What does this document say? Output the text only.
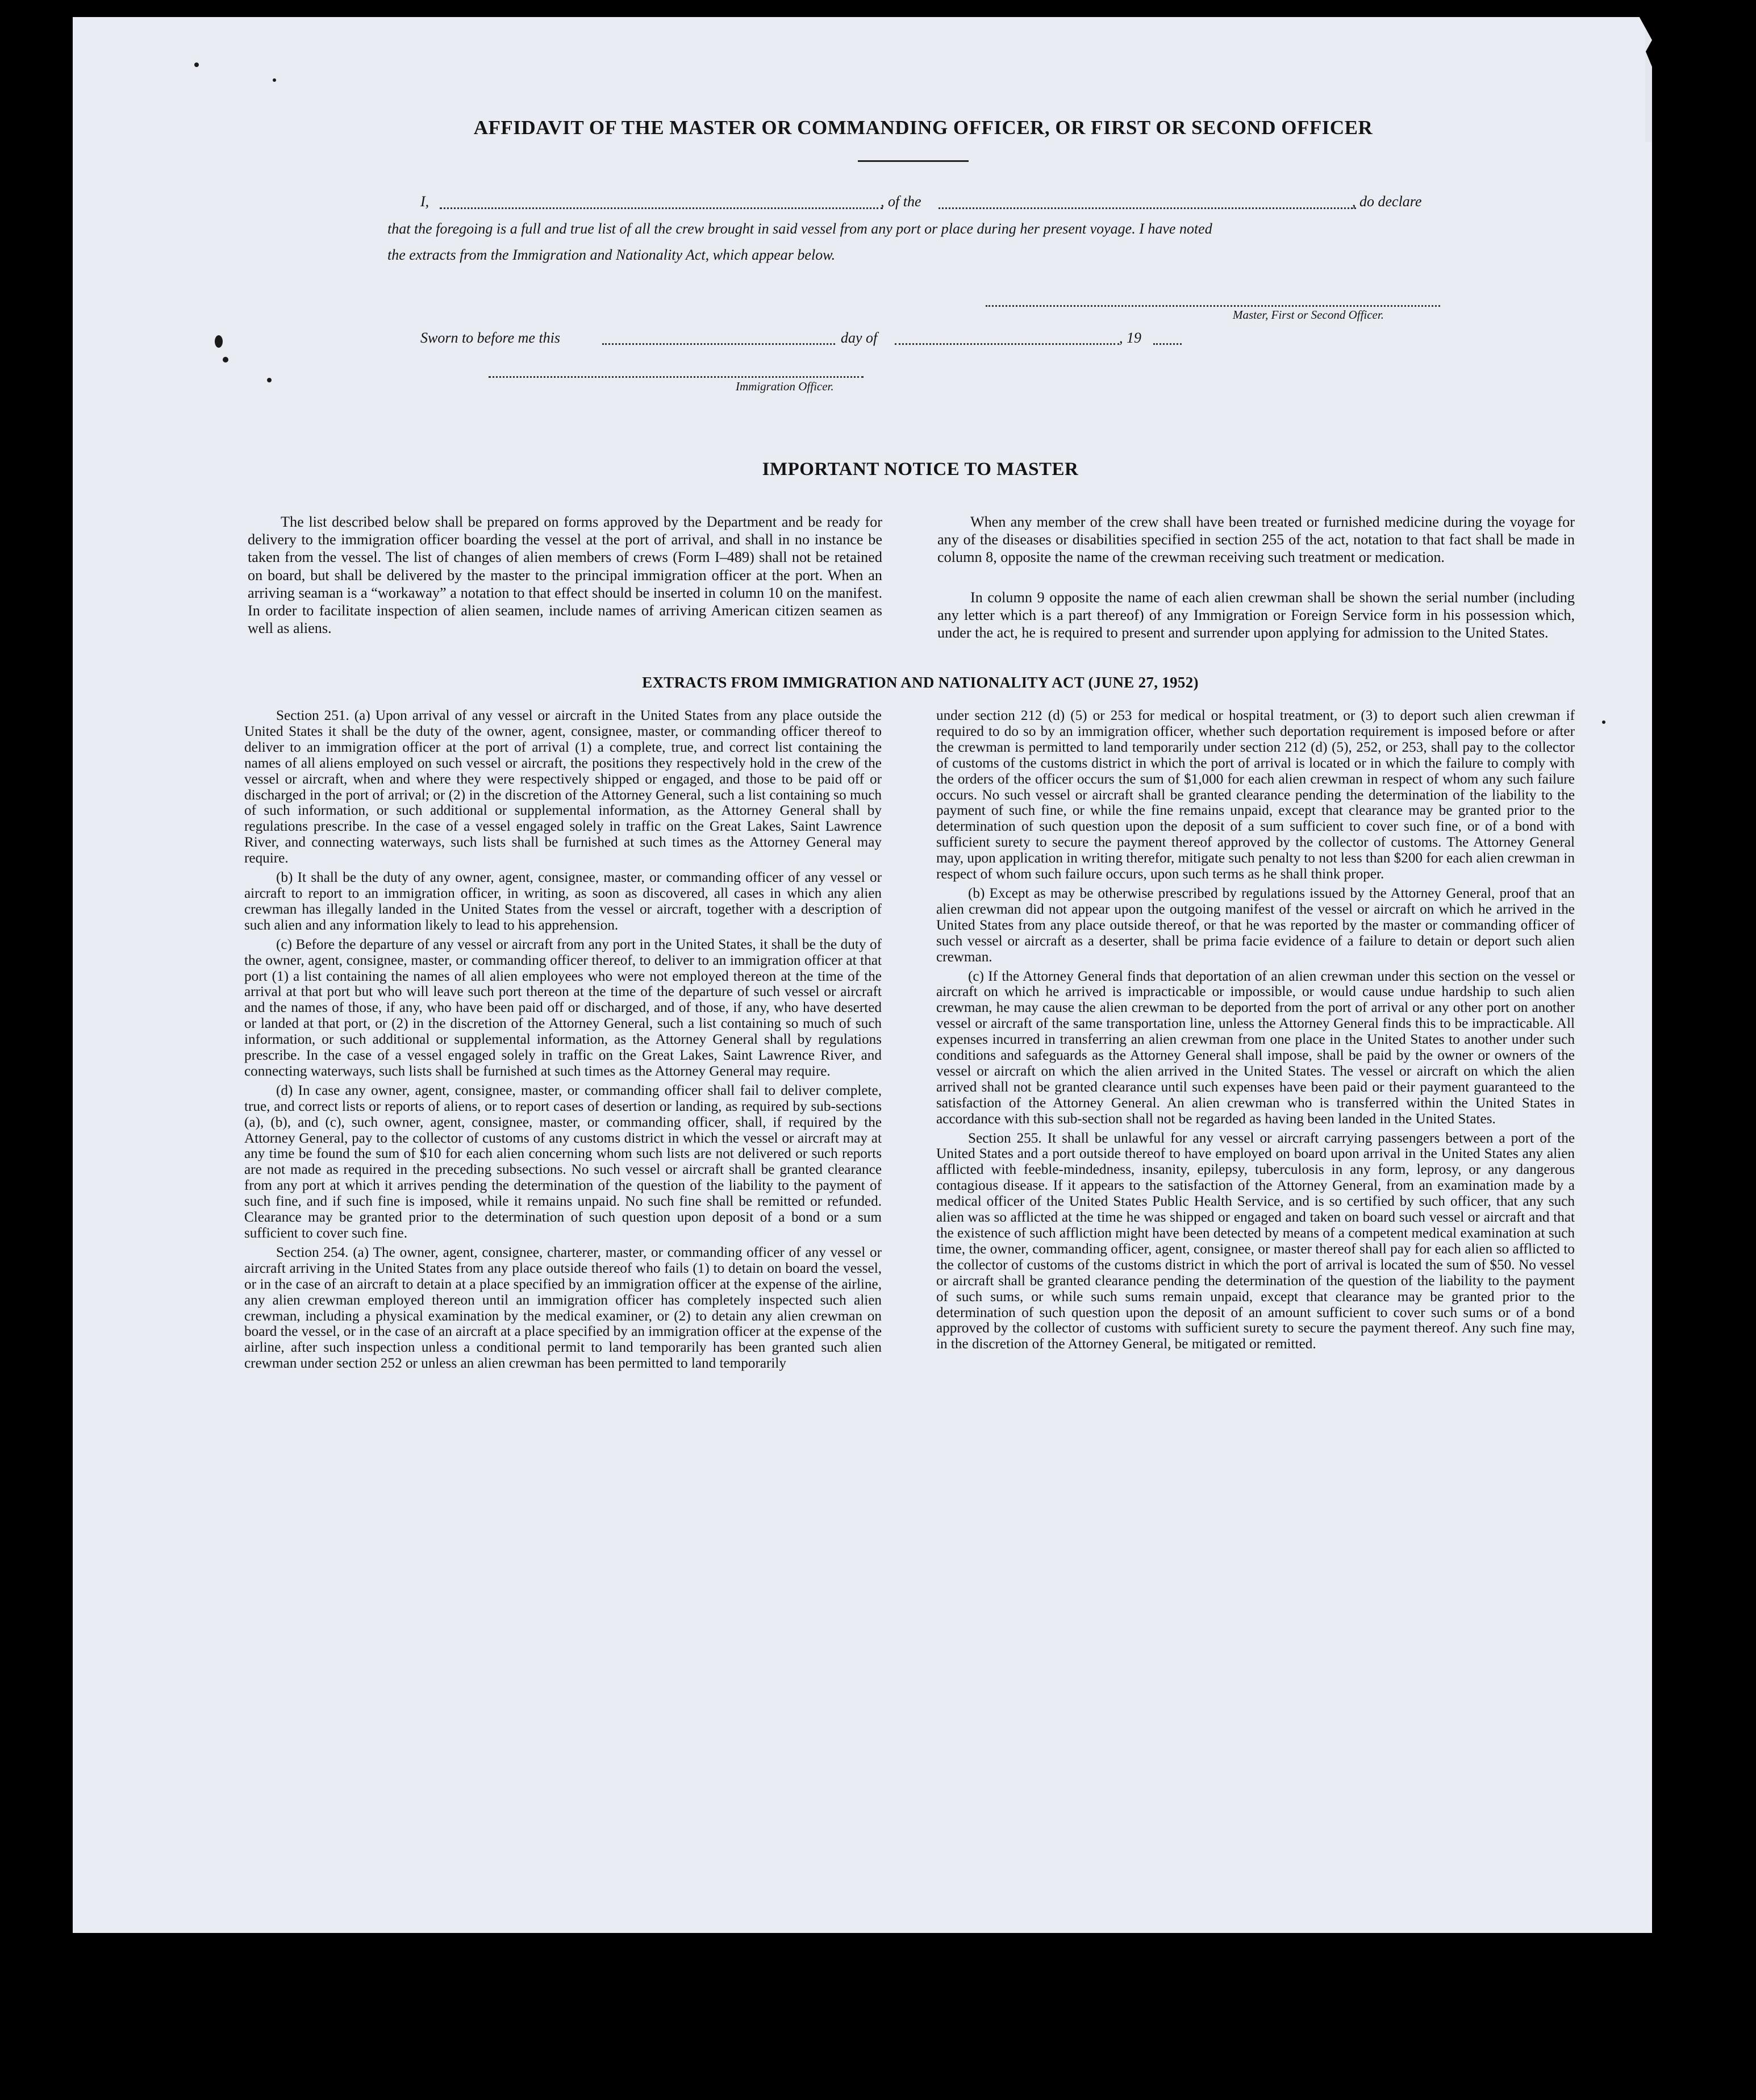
AFFIDAVIT OF THE MASTER OR COMMANDING OFFICER, OR FIRST OR SECOND OFFICER
I,	, of the	, do declare
that the foregoing is a full and true list of all the crew brought in said vessel from any port or place during her present voyage. I have noted
the extracts from the Immigration and Nationality Act, which appear below.
Master, First or Second Officer.
Sworn to before me this	day of	, 19
Immigration Officer.
IMPORTANT NOTICE TO MASTER
The list described below shall be prepared on forms approved by the Department and be ready for delivery to the immigration officer boarding the vessel at the port of arrival, and shall in no instance be taken from the vessel. The list of changes of alien members of crews (Form I–489) shall not be retained on board, but shall be delivered by the master to the principal immigration officer at the port. When an arriving seaman is a “workaway” a notation to that effect should be inserted in column 10 on the manifest. In order to facilitate inspection of alien seamen, include names of arriving American citizen seamen as well as aliens.
When any member of the crew shall have been treated or furnished medicine during the voyage for any of the diseases or disabilities specified in section 255 of the act, notation to that fact shall be made in column 8, opposite the name of the crewman receiving such treatment or medication.
In column 9 opposite the name of each alien crewman shall be shown the serial number (including any letter which is a part thereof) of any Immigration or Foreign Service form in his possession which, under the act, he is required to present and surrender upon applying for admission to the United States.
EXTRACTS FROM IMMIGRATION AND NATIONALITY ACT (JUNE 27, 1952)

Section 251. (a) Upon arrival of any vessel or aircraft in the United States from any place outside the United States it shall be the duty of the owner, agent, consignee, master, or commanding officer thereof to deliver to an immigration officer at the port of arrival (1) a complete, true, and correct list containing the names of all aliens employed on such vessel or aircraft, the positions they respectively hold in the crew of the vessel or aircraft, when and where they were respectively shipped or engaged, and those to be paid off or discharged in the port of arrival; or (2) in the discretion of the Attorney General, such a list containing so much of such information, or such additional or supplemental information, as the Attorney General shall by regulations prescribe. In the case of a vessel engaged solely in traffic on the Great Lakes, Saint Lawrence River, and connecting waterways, such lists shall be furnished at such times as the Attorney General may require.

(b) It shall be the duty of any owner, agent, consignee, master, or commanding officer of any vessel or aircraft to report to an immigration officer, in writing, as soon as discovered, all cases in which any alien crewman has illegally landed in the United States from the vessel or aircraft, together with a description of such alien and any information likely to lead to his apprehension.

(c) Before the departure of any vessel or aircraft from any port in the United States, it shall be the duty of the owner, agent, consignee, master, or commanding officer thereof, to deliver to an immigration officer at that port (1) a list containing the names of all alien employees who were not employed thereon at the time of the arrival at that port but who will leave such port thereon at the time of the departure of such vessel or aircraft and the names of those, if any, who have been paid off or discharged, and of those, if any, who have deserted or landed at that port, or (2) in the discretion of the Attorney General, such a list containing so much of such information, or such additional or supplemental information, as the Attorney General shall by regulations prescribe. In the case of a vessel engaged solely in traffic on the Great Lakes, Saint Lawrence River, and connecting waterways, such lists shall be furnished at such times as the Attorney General may require.

(d) In case any owner, agent, consignee, master, or commanding officer shall fail to deliver complete, true, and correct lists or reports of aliens, or to report cases of desertion or landing, as required by sub-sections (a), (b), and (c), such owner, agent, consignee, master, or commanding officer, shall, if required by the Attorney General, pay to the collector of customs of any customs district in which the vessel or aircraft may at any time be found the sum of $10 for each alien concerning whom such lists are not delivered or such reports are not made as required in the preceding subsections. No such vessel or aircraft shall be granted clearance from any port at which it arrives pending the determination of the question of the liability to the payment of such fine, and if such fine is imposed, while it remains unpaid. No such fine shall be remitted or refunded. Clearance may be granted prior to the determination of such question upon deposit of a bond or a sum sufficient to cover such fine.

Section 254. (a) The owner, agent, consignee, charterer, master, or commanding officer of any vessel or aircraft arriving in the United States from any place outside thereof who fails (1) to detain on board the vessel, or in the case of an aircraft to detain at a place specified by an immigration officer at the expense of the airline, any alien crewman employed thereon until an immigration officer has completely inspected such alien crewman, including a physical examination by the medical examiner, or (2) to detain any alien crewman on board the vessel, or in the case of an aircraft at a place specified by an immigration officer at the expense of the airline, after such inspection unless a conditional permit to land temporarily has been granted such alien crewman under section 252 or unless an alien crewman has been permitted to land temporarily

under section 212 (d) (5) or 253 for medical or hospital treatment, or (3) to deport such alien crewman if required to do so by an immigration officer, whether such deportation requirement is imposed before or after the crewman is permitted to land temporarily under section 212 (d) (5), 252, or 253, shall pay to the collector of customs of the customs district in which the port of arrival is located or in which the failure to comply with the orders of the officer occurs the sum of $1,000 for each alien crewman in respect of whom any such failure occurs. No such vessel or aircraft shall be granted clearance pending the determination of the liability to the payment of such fine, or while the fine remains unpaid, except that clearance may be granted prior to the determination of such question upon the deposit of a sum sufficient to cover such fine, or of a bond with sufficient surety to secure the payment thereof approved by the collector of customs. The Attorney General may, upon application in writing therefor, mitigate such penalty to not less than $200 for each alien crewman in respect of whom such failure occurs, upon such terms as he shall think proper.

(b) Except as may be otherwise prescribed by regulations issued by the Attorney General, proof that an alien crewman did not appear upon the outgoing manifest of the vessel or aircraft on which he arrived in the United States from any place outside thereof, or that he was reported by the master or commanding officer of such vessel or aircraft as a deserter, shall be prima facie evidence of a failure to detain or deport such alien crewman.

(c) If the Attorney General finds that deportation of an alien crewman under this section on the vessel or aircraft on which he arrived is impracticable or impossible, or would cause undue hardship to such alien crewman, he may cause the alien crewman to be deported from the port of arrival or any other port on another vessel or aircraft of the same transportation line, unless the Attorney General finds this to be impracticable. All expenses incurred in transferring an alien crewman from one place in the United States to another under such conditions and safeguards as the Attorney General shall impose, shall be paid by the owner or owners of the vessel or aircraft on which the alien arrived in the United States. The vessel or aircraft on which the alien arrived shall not be granted clearance until such expenses have been paid or their payment guaranteed to the satisfaction of the Attorney General. An alien crewman who is transferred within the United States in accordance with this sub-section shall not be regarded as having been landed in the United States.

Section 255. It shall be unlawful for any vessel or aircraft carrying passengers between a port of the United States and a port outside thereof to have employed on board upon arrival in the United States any alien afflicted with feeble-mindedness, insanity, epilepsy, tuberculosis in any form, leprosy, or any dangerous contagious disease. If it appears to the satisfaction of the Attorney General, from an examination made by a medical officer of the United States Public Health Service, and is so certified by such officer, that any such alien was so afflicted at the time he was shipped or engaged and taken on board such vessel or aircraft and that the existence of such affliction might have been detected by means of a competent medical examination at such time, the owner, commanding officer, agent, consignee, or master thereof shall pay for each alien so afflicted to the collector of customs of the customs district in which the port of arrival is located the sum of $50. No vessel or aircraft shall be granted clearance pending the determination of the question of the liability to the payment of such sums, or while such sums remain unpaid, except that clearance may be granted prior to the determination of such question upon the deposit of an amount sufficient to cover such sums or of a bond approved by the collector of customs with sufficient surety to secure the payment thereof. Any such fine may, in the discretion of the Attorney General, be mitigated or remitted.
